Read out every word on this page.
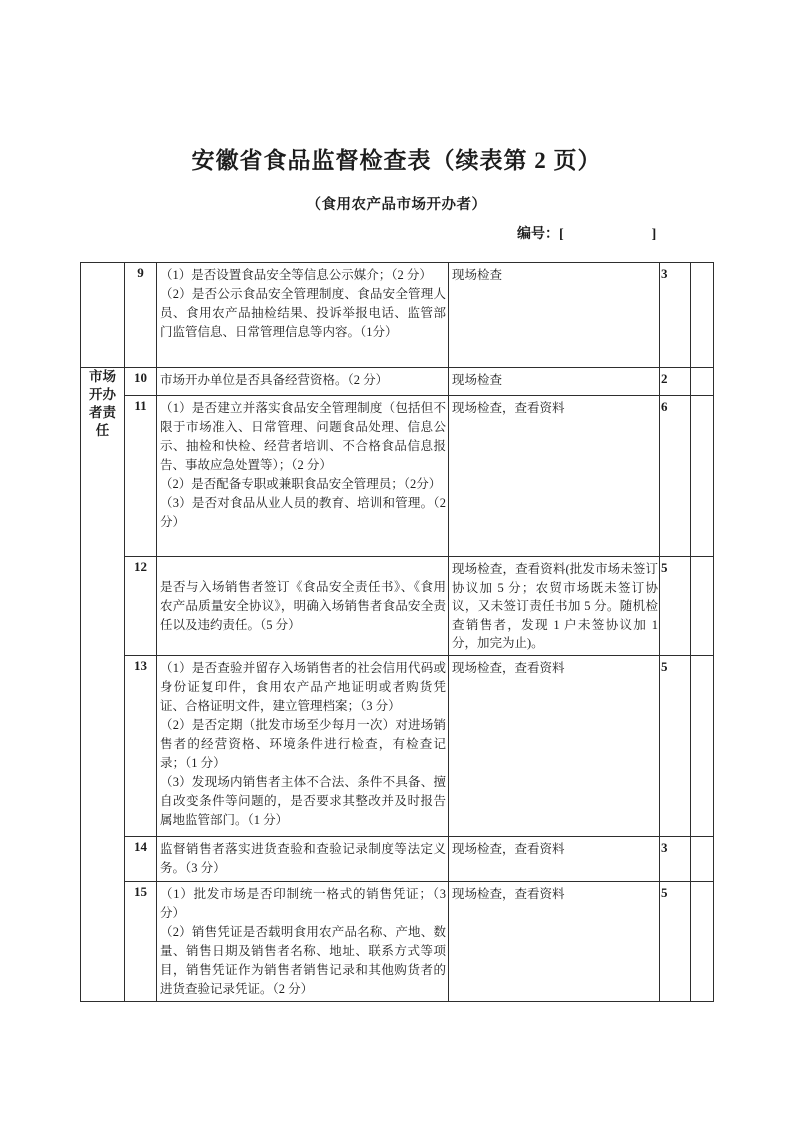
安徽省食品监督检查表（续表第 2 页）
（食用农产品市场开办者）
编号：[	]
	9	（1）是否设置食品安全等信息公示媒介；（2 分）

（2）是否公示食品安全管理制度、食品安全管理人员、食用农产品抽检结果、投诉举报电话、监管部门监管信息、日常管理信息等内容。（1分）	现场检查	3	

市场开办者责任	10	市场开办单位是否具备经营资格。（2 分）	现场检查	2	
	11	（1）是否建立并落实食品安全管理制度（包括但不限于市场准入、日常管理、问题食品处理、信息公示、抽检和快检、经营者培训、不合格食品信息报告、事故应急处置等）；（2 分）

（2）是否配备专职或兼职食品安全管理员；（2分）

（3）是否对食品从业人员的教育、培训和管理。（2 分）	现场检查，查看资料	6	
	12	是否与入场销售者签订《食品安全责任书》、《食用农产品质量安全协议》，明确入场销售者食品安全责任以及违约责任。（5 分）	现场检查，查看资料(批发市场未签订协议加 5 分；农贸市场既未签订协议，又未签订责任书加 5 分。随机检查销售者，发现 1 户未签协议加 1 分，加完为止)。	5	
	13	（1）是否查验并留存入场销售者的社会信用代码或身份证复印件，食用农产品产地证明或者购货凭证、合格证明文件，建立管理档案；（3 分）

（2）是否定期（批发市场至少每月一次）对进场销售者的经营资格、环境条件进行检查，有检查记录；（1 分）

（3）发现场内销售者主体不合法、条件不具备、擅自改变条件等问题的，是否要求其整改并及时报告属地监管部门。（1 分）	现场检查，查看资料	5	
	14	监督销售者落实进货查验和查验记录制度等法定义务。（3 分）	现场检查，查看资料	3	
	15	（1）批发市场是否印制统一格式的销售凭证；（3 分）

（2）销售凭证是否载明食用农产品名称、产地、数量、销售日期及销售者名称、地址、联系方式等项目，销售凭证作为销售者销售记录和其他购货者的进货查验记录凭证。（2 分）	现场检查，查看资料	5	
